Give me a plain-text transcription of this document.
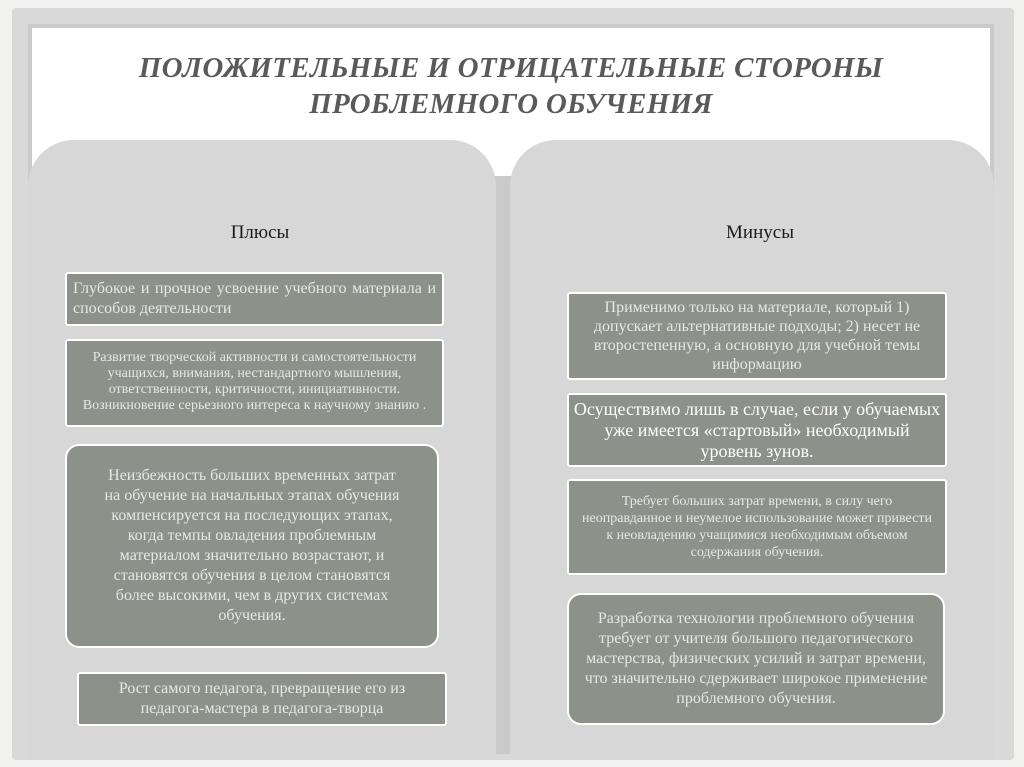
ПОЛОЖИТЕЛЬНЫЕ И ОТРИЦАТЕЛЬНЫЕ СТОРОНЫ ПРОБЛЕМНОГО ОБУЧЕНИЯ
Плюсы	Минусы
Глубокое и прочное усвоение учебного материала и способов деятельности
Развитие творческой активности и самостоятельности учащихся, внимания, нестандартного мышления, ответственности, критичности, инициативности. Возникновение серьезного интереса к научному знанию .
Неизбежность больших временных затрат на обучение на начальных этапах обучения компенсируется на последующих этапах, когда темпы овладения проблемным материалом значительно возрастают, и становятся обучения в целом становятся более высокими, чем в других системах обучения.
Рост самого педагога, превращение его из педагога-мастера в педагога-творца
Применимо только на материале, который 1) допускает альтернативные подходы; 2) несет не второстепенную, а основную для учебной темы информацию
Осуществимо лишь в случае, если у обучаемых уже имеется «стартовый» необходимый уровень зунов.
Требует больших затрат времени, в силу чего неоправданное и неумелое использование может привести к неовладению учащимися необходимым объемом содержания обучения.
Разработка технологии проблемного обучения требует от учителя большого педагогического мастерства, физических усилий и затрат времени, что значительно сдерживает широкое применение проблемного обучения.
